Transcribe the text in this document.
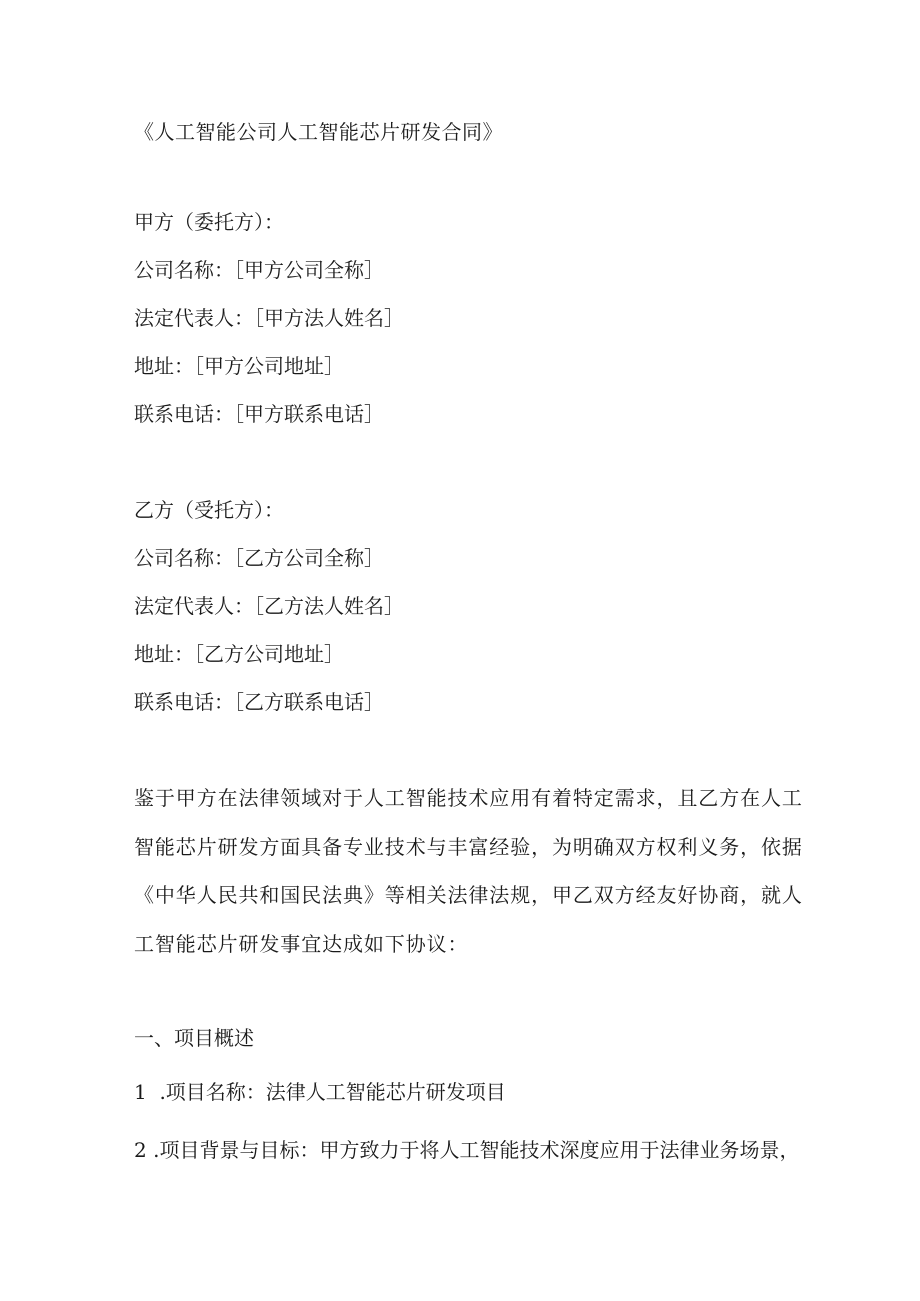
《人工智能公司人工智能芯片研发合同》
甲方（委托方）：
公司名称：［甲方公司全称］
法定代表人：［甲方法人姓名］
地址：［甲方公司地址］
联系电话：［甲方联系电话］
乙方（受托方）：
公司名称：［乙方公司全称］
法定代表人：［乙方法人姓名］
地址：［乙方公司地址］
联系电话：［乙方联系电话］

鉴于甲方在法律领域对于人工智能技术应用有着特定需求，且乙方在人工

智能芯片研发方面具备专业技术与丰富经验，为明确双方权利义务，依据

《中华人民共和国民法典》等相关法律法规，甲乙双方经友好协商，就人

工智能芯片研发事宜达成如下协议：

一、项目概述
1  .项目名称：法律人工智能芯片研发项目
2 .项目背景与目标：甲方致力于将人工智能技术深度应用于法律业务场景，
